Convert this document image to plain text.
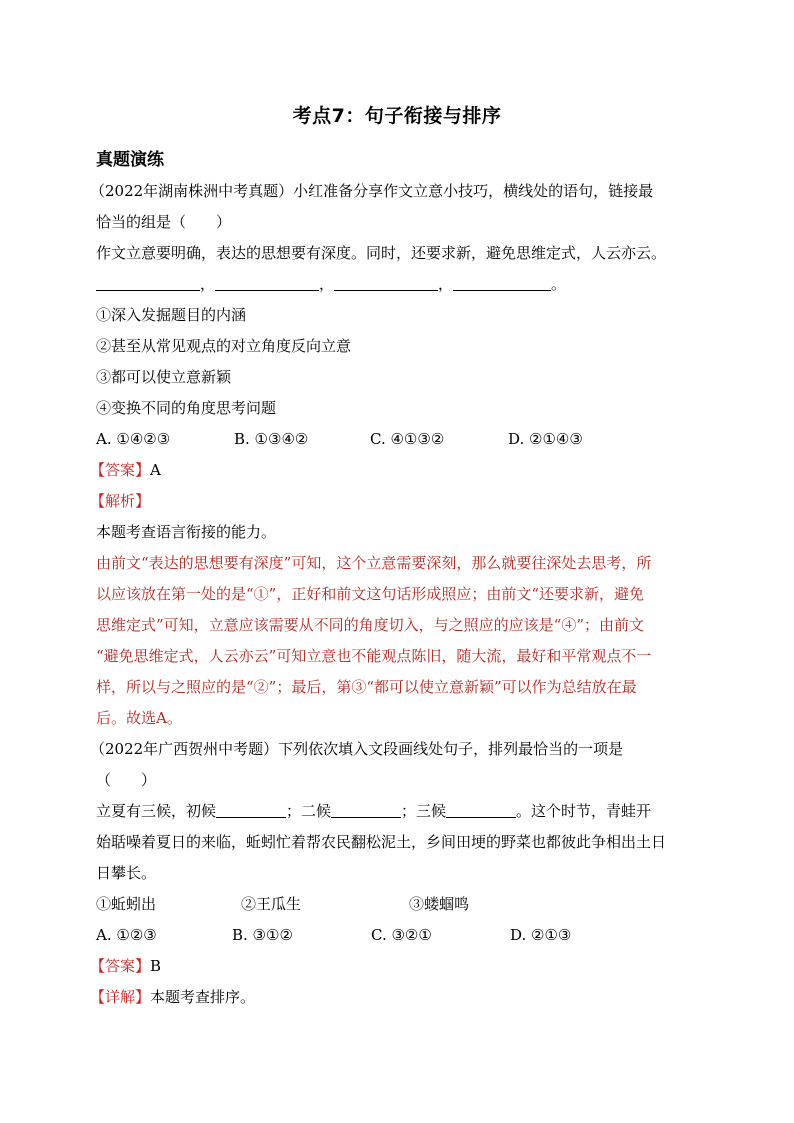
考点7：句子衔接与排序
真题演练
（2022年湖南株洲中考真题）小红准备分享作文立意小技巧，横线处的语句，链接最
恰当的组是（　　）
作文立意要明确，表达的思想要有深度。同时，还要求新，避免思维定式，人云亦云。
，	，	，	。
①深入发掘题目的内涵
②甚至从常见观点的对立角度反向立意
③都可以使立意新颖
④变换不同的角度思考问题
A. ①④②③	B. ①③④②	C. ④①③②	D. ②①④③
【答案】A
【解析】
本题考查语言衔接的能力。
由前文“表达的思想要有深度”可知，这个立意需要深刻，那么就要往深处去思考，所
以应该放在第一处的是“①”，正好和前文这句话形成照应；由前文“还要求新，避免
思维定式”可知，立意应该需要从不同的角度切入，与之照应的应该是“④”；由前文
“避免思维定式，人云亦云”可知立意也不能观点陈旧，随大流，最好和平常观点不一
样，所以与之照应的是“②”；最后，第③“都可以使立意新颖”可以作为总结放在最
后。故选A。
（2022年广西贺州中考题）下列依次填入文段画线处句子，排列最恰当的一项是
（　　）
立夏有三候，初候	；二候	；三候	。这个时节，青蛙开
始聒噪着夏日的来临，蚯蚓忙着帮农民翻松泥土，乡间田埂的野菜也都彼此争相出土日
日攀长。
①蚯蚓出	②王瓜生	③蝼蝈鸣
A. ①②③	B. ③①②	C. ③②①	D. ②①③
【答案】B
【详解】本题考查排序。
